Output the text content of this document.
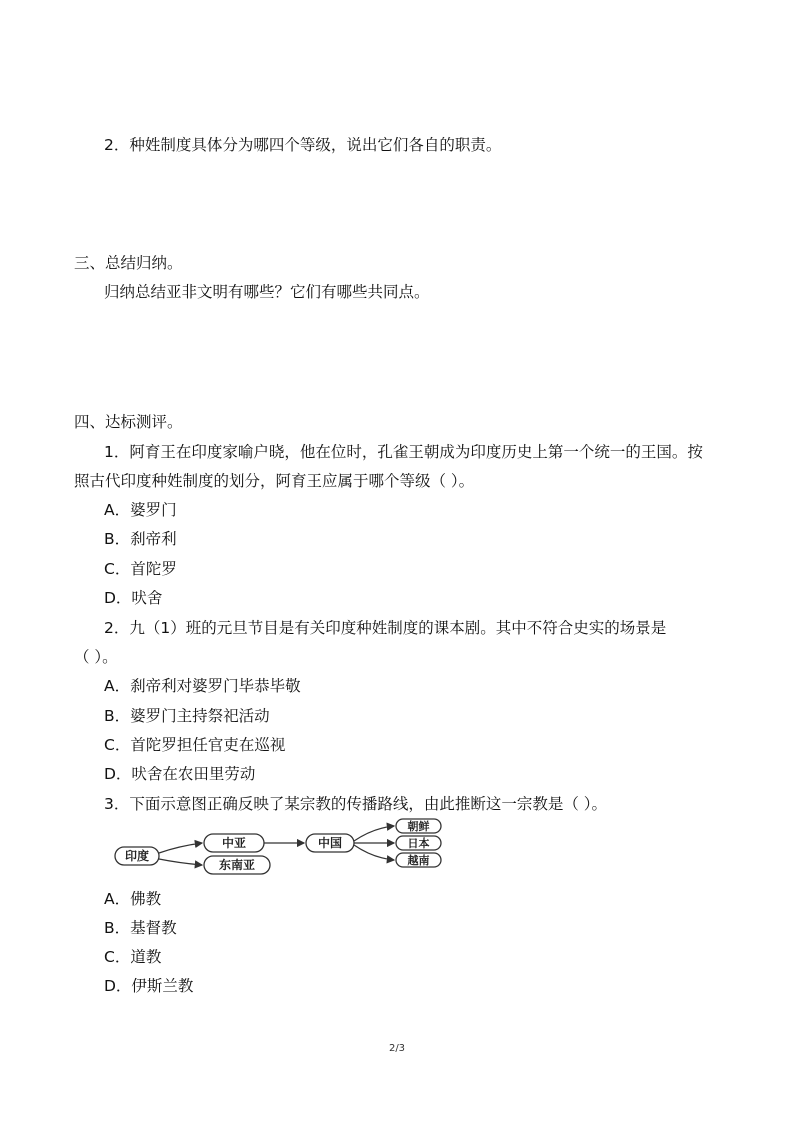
2．种姓制度具体分为哪四个等级，说出它们各自的职责。
三、总结归纳。
归纳总结亚非文明有哪些？它们有哪些共同点。
四、达标测评。
1．阿育王在印度家喻户晓，他在位时，孔雀王朝成为印度历史上第一个统一的王国。按
照古代印度种姓制度的划分，阿育王应属于哪个等级（ ）。
A．婆罗门
B．刹帝利
C．首陀罗
D．吠舍
2．九（1）班的元旦节目是有关印度种姓制度的课本剧。其中不符合史实的场景是
（ ）。
A．刹帝利对婆罗门毕恭毕敬
B．婆罗门主持祭祀活动
C．首陀罗担任官吏在巡视
D．吠舍在农田里劳动
3．下面示意图正确反映了某宗教的传播路线，由此推断这一宗教是（ ）。
印度
中亚
东南亚
中国
朝鲜
日本
越南
A．佛教
B．基督教
C．道教
D．伊斯兰教
2/3
